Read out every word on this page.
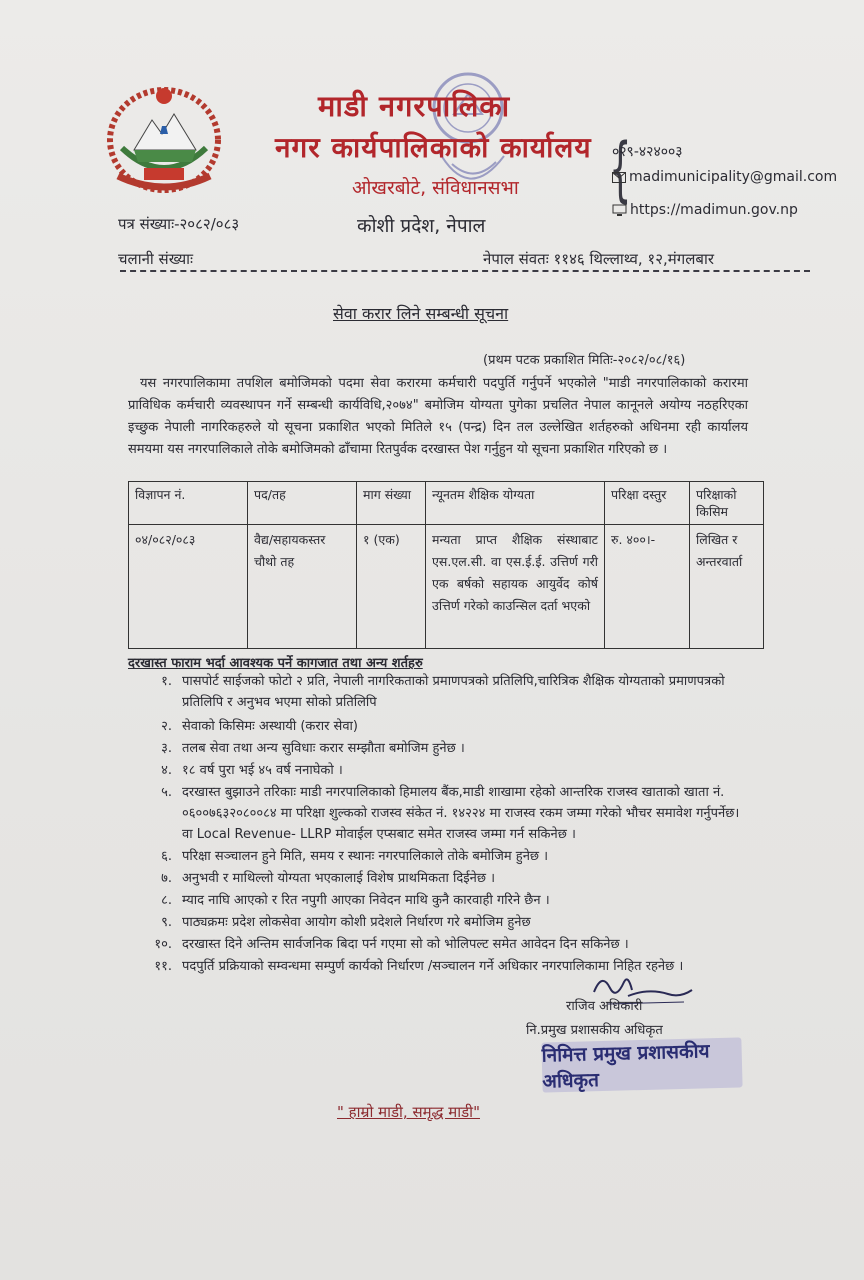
माडी नगरपालिका
नगर कार्यपालिकाको कार्यालय
ओखरबोटे, संविधानसभा
कोशी प्रदेश, नेपाल
{
०२९-४२४००३
madimunicipality@gmail.com
https://madimun.gov.np
पत्र संख्याः-२०८२/०८३
चलानी संख्याः	नेपाल संवतः ११४६ थिल्लाथ्व, १२,मंगलबार
सेवा करार लिने सम्बन्धी सूचना
(प्रथम पटक प्रकाशित मितिः-२०८२/०८/१६)
यस नगरपालिकामा तपशिल बमोजिमको पदमा सेवा करारमा कर्मचारी पदपुर्ति गर्नुपर्ने भएकोले "माडी नगरपालिकाको करारमा प्राविधिक कर्मचारी व्यवस्थापन गर्ने सम्बन्धी कार्यविधि,२०७४" बमोजिम योग्यता पुगेका प्रचलित नेपाल कानूनले अयोग्य नठहरिएका इच्छुक नेपाली नागरिकहरुले यो सूचना प्रकाशित भएको मितिले १५ (पन्द्र) दिन तल उल्लेखित शर्तहरुको अधिनमा रही कार्यालय समयमा यस नगरपालिकाले तोके बमोजिमको ढाँचामा रितपुर्वक दरखास्त पेश गर्नुहुन यो सूचना प्रकाशित गरिएको छ ।
विज्ञापन नं.	पद/तह	माग संख्या	न्यूनतम शैक्षिक योग्यता	परिक्षा दस्तुर	परिक्षाको किसिम
०४/०८२/०८३	वैद्य/सहायकस्तर चौथो तह	१ (एक)	मन्यता प्राप्त शैक्षिक संस्थाबाट एस.एल.सी. वा एस.ई.ई. उत्तिर्ण गरी एक बर्षको सहायक आयुर्वेद कोर्ष उत्तिर्ण गरेको काउन्सिल दर्ता भएको	रु. ४००।-	लिखित र अन्तरवार्ता
दरखास्त फाराम भर्दा आवश्यक पर्ने कागजात तथा अन्य शर्तहरु
१. पासपोर्ट साईजको फोटो २ प्रति, नेपाली नागरिकताको प्रमाणपत्रको प्रतिलिपि,चारित्रिक शैक्षिक योग्यताको प्रमाणपत्रको प्रतिलिपि र अनुभव भएमा सोको प्रतिलिपि
२. सेवाको किसिमः अस्थायी (करार सेवा)
३. तलब सेवा तथा अन्य सुविधाः करार सम्झौता बमोजिम हुनेछ ।
४. १८ वर्ष पुरा भई ४५ वर्ष ननाघेको ।
५. दरखास्त बुझाउने तरिकाः माडी नगरपालिकाको हिमालय बैंक,माडी शाखामा रहेको आन्तरिक राजस्व खाताको खाता नं. ०६००७६३२०८००८४ मा परिक्षा शुल्कको राजस्व संकेत नं. १४२२४ मा राजस्व रकम जम्मा गरेको भौचर समावेश गर्नुपर्नेछ। वा Local Revenue- LLRP मोवाईल एप्सबाट समेत राजस्व जम्मा गर्न सकिनेछ ।
६. परिक्षा सञ्चालन हुने मिति, समय र स्थानः नगरपालिकाले तोके बमोजिम हुनेछ ।
७. अनुभवी र माथिल्लो योग्यता भएकालाई विशेष प्राथमिकता दिईनेछ ।
८. म्याद नाघि आएको र रित नपुगी आएका निवेदन माथि कुनै कारवाही गरिने छैन ।
९. पाठ्यक्रमः प्रदेश लोकसेवा आयोग कोशी प्रदेशले निर्धारण गरे बमोजिम हुनेछ
१०. दरखास्त दिने अन्तिम सार्वजनिक बिदा पर्न गएमा सो को भोलिपल्ट समेत आवेदन दिन सकिनेछ ।
११. पदपुर्ति प्रक्रियाको सम्वन्धमा सम्पुर्ण कार्यको निर्धारण /सञ्चालन गर्ने अधिकार नगरपालिकामा निहित रहनेछ ।
राजिव अधिकारी
नि.प्रमुख प्रशासकीय अधिकृत
निमित्त प्रमुख प्रशासकीय अधिकृत
" हाम्रो माडी, समृद्ध माडी"
